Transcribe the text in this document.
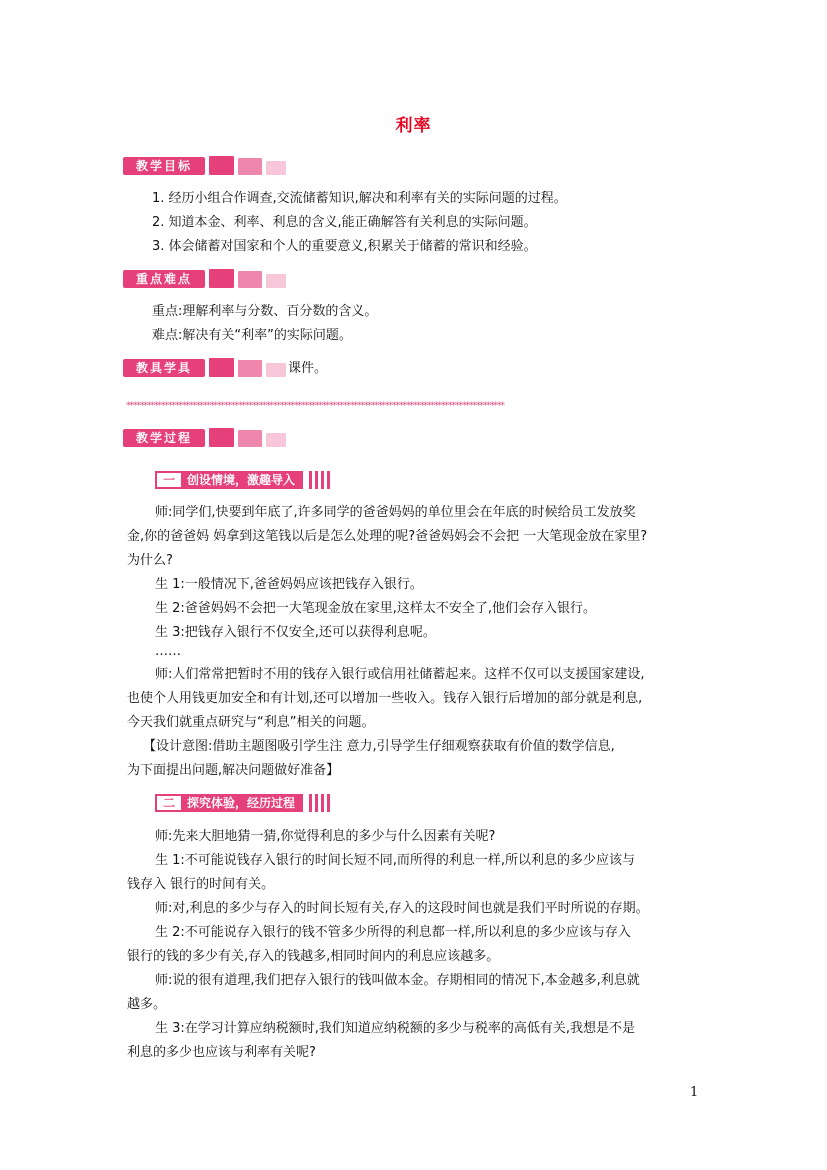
利率
教学目标
1. 经历小组合作调查,交流储蓄知识,解决和利率有关的实际问题的过程。
2. 知道本金、利率、利息的含义,能正确解答有关利息的实际问题。
3. 体会储蓄对国家和个人的重要意义,积累关于储蓄的常识和经验。
重点难点
重点:理解利率与分数、百分数的含义。
难点:解决有关“利率”的实际问题。
教具学具	课件。
************************************************************************************************************
教学过程
一	创设情境，激趣导入
师:同学们,快要到年底了,许多同学的爸爸妈妈的单位里会在年底的时候给员工发放奖
金,你的爸爸妈 妈拿到这笔钱以后是怎么处理的呢?爸爸妈妈会不会把 一大笔现金放在家里?
为什么?
生 1:一般情况下,爸爸妈妈应该把钱存入银行。
生 2:爸爸妈妈不会把一大笔现金放在家里,这样太不安全了,他们会存入银行。
生 3:把钱存入银行不仅安全,还可以获得利息呢。
……
师:人们常常把暂时不用的钱存入银行或信用社储蓄起来。这样不仅可以支援国家建设,
也使个人用钱更加安全和有计划,还可以增加一些收入。钱存入银行后增加的部分就是利息,
今天我们就重点研究与“利息”相关的问题。
【设计意图:借助主题图吸引学生注 意力,引导学生仔细观察获取有价值的数学信息,
为下面提出问题,解决问题做好准备】
二	探究体验，经历过程
师:先来大胆地猜一猜,你觉得利息的多少与什么因素有关呢?
生 1:不可能说钱存入银行的时间长短不同,而所得的利息一样,所以利息的多少应该与
钱存入 银行的时间有关。
师:对,利息的多少与存入的时间长短有关,存入的这段时间也就是我们平时所说的存期。
生 2:不可能说存入银行的钱不管多少所得的利息都一样,所以利息的多少应该与存入
银行的钱的多少有关,存入的钱越多,相同时间内的利息应该越多。
师:说的很有道理,我们把存入银行的钱叫做本金。存期相同的情况下,本金越多,利息就
越多。
生 3:在学习计算应纳税额时,我们知道应纳税额的多少与税率的高低有关,我想是不是
利息的多少也应该与利率有关呢?
1
